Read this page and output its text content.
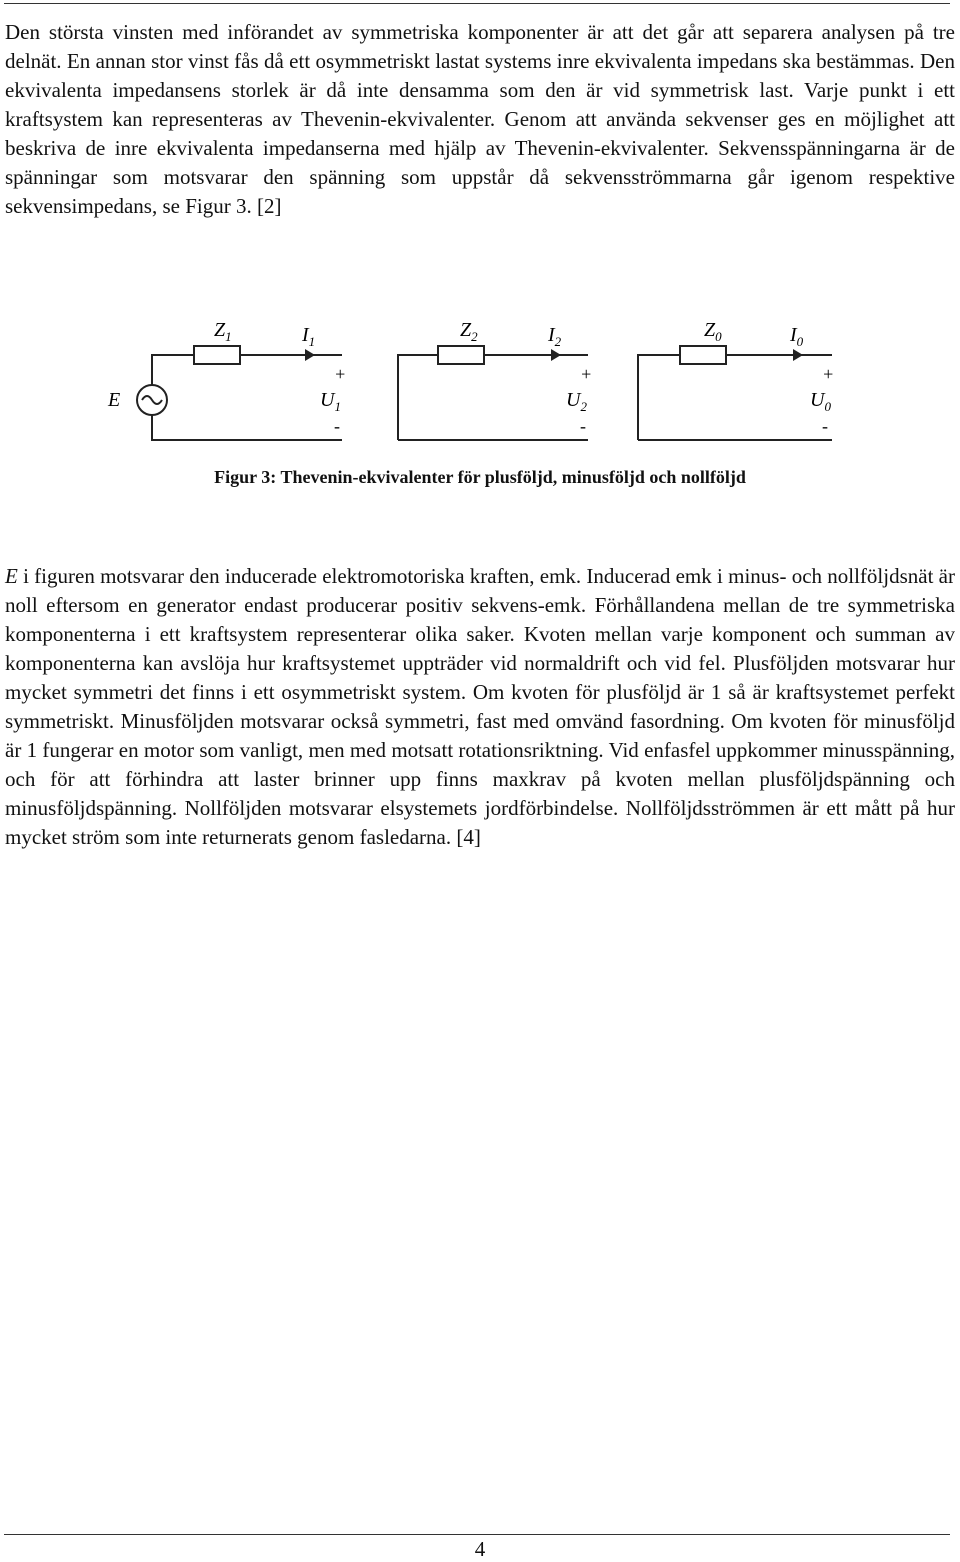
Den största vinsten med införandet av symmetriska komponenter är att det går att separera analysen på tre delnät. En annan stor vinst fås då ett osymmetriskt lastat systems inre ekvivalenta impedans ska bestämmas. Den ekvivalenta impedansens storlek är då inte densamma som den är vid symmetrisk last. Varje punkt i ett kraftsystem kan representeras av Thevenin-ekvivalenter. Genom att använda sekvenser ges en möjlighet att beskriva de inre ekvivalenta impedanserna med hjälp av Thevenin-ekvivalenter. Sekvensspänningarna är de spänningar som motsvarar den spänning som uppstår då sekvensströmmarna går igenom respektive sekvensimpedans, se Figur 3. [2]

E
$Z_1$	$I_1$
+
$U_1$
-
$Z_2$	$I_2$
+
$U_2$
-
$Z_0$	$I_0$
+
$U_0$
-
Figur 3: Thevenin-ekvivalenter för plusföljd, minusföljd och nollföljd

E i figuren motsvarar den inducerade elektromotoriska kraften, emk. Inducerad emk i minus- och nollföljdsnät är noll eftersom en generator endast producerar positiv sekvens-emk. Förhållandena mellan de tre symmetriska komponenterna i ett kraftsystem representerar olika saker. Kvoten mellan varje komponent och summan av komponenterna kan avslöja hur kraftsystemet uppträder vid normaldrift och vid fel. Plusföljden motsvarar hur mycket symmetri det finns i ett osymmetriskt system. Om kvoten för plusföljd är 1 så är kraftsystemet perfekt symmetriskt. Minusföljden motsvarar också symmetri, fast med omvänd fasordning. Om kvoten för minusföljd är 1 fungerar en motor som vanligt, men med motsatt rotationsriktning. Vid enfasfel uppkommer minusspänning, och för att förhindra att laster brinner upp finns maxkrav på kvoten mellan plusföljdspänning och minusföljdspänning. Nollföljden motsvarar elsystemets jordförbindelse. Nollföljdsströmmen är ett mått på hur mycket ström som inte returnerats genom fasledarna. [4]

4
